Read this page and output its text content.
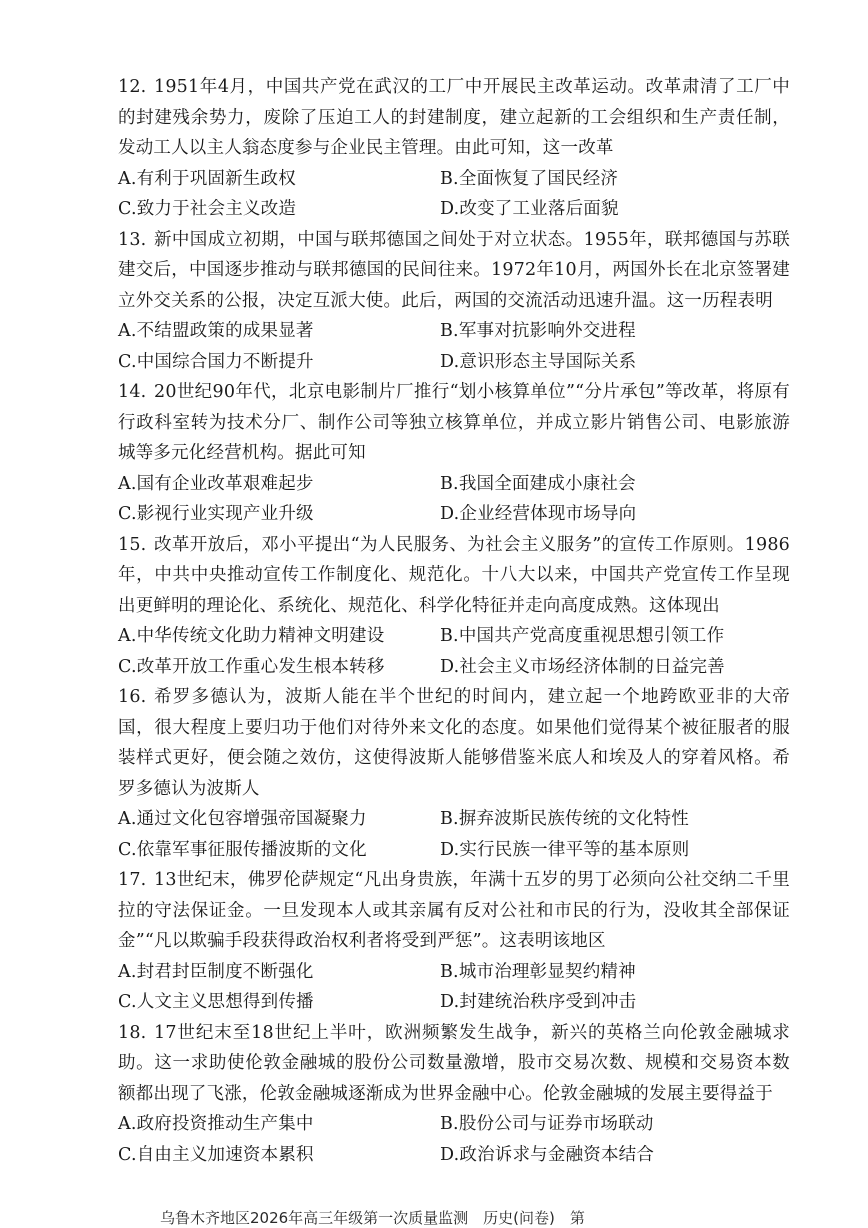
12. 1951年4月，中国共产党在武汉的工厂中开展民主改革运动。改革肃清了工厂中的封建残余势力，废除了压迫工人的封建制度，建立起新的工会组织和生产责任制，发动工人以主人翁态度参与企业民主管理。由此可知，这一改革
A.有利于巩固新生政权	B.全面恢复了国民经济
C.致力于社会主义改造	D.改变了工业落后面貌
13. 新中国成立初期，中国与联邦德国之间处于对立状态。1955年，联邦德国与苏联建交后，中国逐步推动与联邦德国的民间往来。1972年10月，两国外长在北京签署建立外交关系的公报，决定互派大使。此后，两国的交流活动迅速升温。这一历程表明
A.不结盟政策的成果显著	B.军事对抗影响外交进程
C.中国综合国力不断提升	D.意识形态主导国际关系
14. 20世纪90年代，北京电影制片厂推行“划小核算单位”“分片承包”等改革，将原有行政科室转为技术分厂、制作公司等独立核算单位，并成立影片销售公司、电影旅游城等多元化经营机构。据此可知
A.国有企业改革艰难起步	B.我国全面建成小康社会
C.影视行业实现产业升级	D.企业经营体现市场导向
15. 改革开放后，邓小平提出“为人民服务、为社会主义服务”的宣传工作原则。1986年，中共中央推动宣传工作制度化、规范化。十八大以来，中国共产党宣传工作呈现出更鲜明的理论化、系统化、规范化、科学化特征并走向高度成熟。这体现出
A.中华传统文化助力精神文明建设	B.中国共产党高度重视思想引领工作
C.改革开放工作重心发生根本转移	D.社会主义市场经济体制的日益完善
16. 希罗多德认为，波斯人能在半个世纪的时间内，建立起一个地跨欧亚非的大帝国，很大程度上要归功于他们对待外来文化的态度。如果他们觉得某个被征服者的服装样式更好，便会随之效仿，这使得波斯人能够借鉴米底人和埃及人的穿着风格。希罗多德认为波斯人
A.通过文化包容增强帝国凝聚力	B.摒弃波斯民族传统的文化特性
C.依靠军事征服传播波斯的文化	D.实行民族一律平等的基本原则
17. 13世纪末，佛罗伦萨规定“凡出身贵族，年满十五岁的男丁必须向公社交纳二千里拉的守法保证金。一旦发现本人或其亲属有反对公社和市民的行为，没收其全部保证金”“凡以欺骗手段获得政治权利者将受到严惩”。这表明该地区
A.封君封臣制度不断强化	B.城市治理彰显契约精神
C.人文主义思想得到传播	D.封建统治秩序受到冲击
18. 17世纪末至18世纪上半叶，欧洲频繁发生战争，新兴的英格兰向伦敦金融城求助。这一求助使伦敦金融城的股份公司数量激增，股市交易次数、规模和交易资本数额都出现了飞涨，伦敦金融城逐渐成为世界金融中心。伦敦金融城的发展主要得益于
A.政府投资推动生产集中	B.股份公司与证券市场联动
C.自由主义加速资本累积	D.政治诉求与金融资本结合
乌鲁木齐地区2026年高三年级第一次质量监测　历史(问卷)　第
